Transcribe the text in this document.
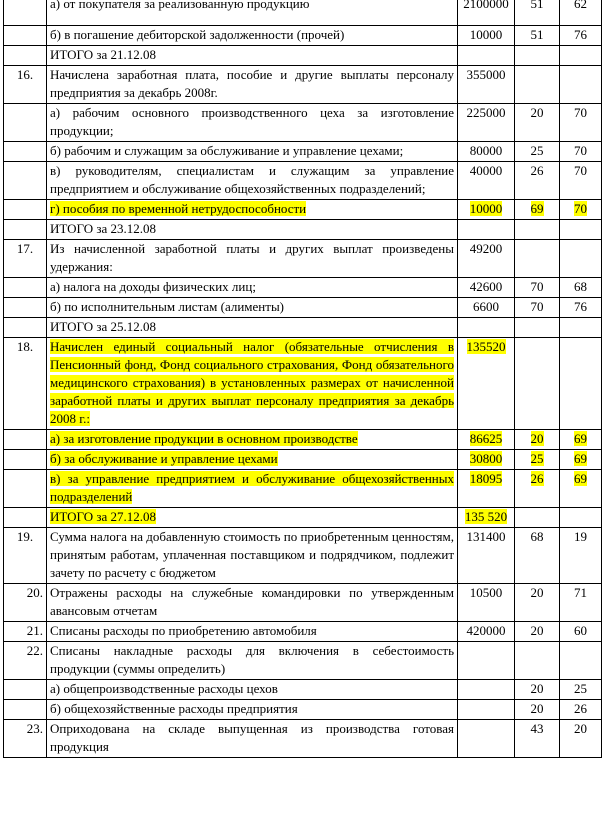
	а) от покупателя за реализованную продукцию	2100000	51	62
	б) в погашение дебиторской задолженности (прочей)	10000	51	76
	ИТОГО за 21.12.08			
16.	Начислена заработная плата, пособие и другие выплаты персоналу предприятия за декабрь 2008г.	355000		
	а) рабочим основного производственного цеха за изготовление продукции;	225000	20	70
	б) рабочим и служащим за обслуживание и управление цехами;	80000	25	70
	в) руководителям, специалистам и служащим за управление предприятием и обслуживание общехозяйственных подразделений;	40000	26	70
	г) пособия по временной нетрудоспособности	10000	69	70
	ИТОГО за 23.12.08			
17.	Из начисленной заработной платы и других выплат произведены удержания:	49200		
	а) налога на доходы физических лиц;	42600	70	68
	б) по исполнительным листам (алименты)	6600	70	76
	ИТОГО за 25.12.08			
18.	Начислен единый социальный налог (обязательные отчисления в Пенсионный фонд, Фонд социального страхования, Фонд обязательного медицинского страхования) в установленных размерах от начисленной заработной платы и других выплат персоналу предприятия за декабрь 2008 г.:	135520		
	а) за изготовление продукции в основном производстве	86625	20	69
	б) за обслуживание и управление цехами	30800	25	69
	в) за управление предприятием и обслуживание общехозяйственных подразделений	18095	26	69
	ИТОГО за 27.12.08	135 520		
19.	Сумма налога на добавленную стоимость по приобретенным ценностям, принятым работам, уплаченная поставщиком и подрядчиком, подлежит зачету по расчету с бюджетом	131400	68	19
20.	Отражены расходы на служебные командировки по утвержденным авансовым отчетам	10500	20	71
21.	Списаны расходы по приобретению автомобиля	420000	20	60
22.	Списаны накладные расходы для включения в себестоимость продукции (суммы определить)			
	а) общепроизводственные расходы цехов		20	25
	б) общехозяйственные расходы предприятия		20	26
23.	Оприходована на складе выпущенная из производства готовая продукция		43	20
